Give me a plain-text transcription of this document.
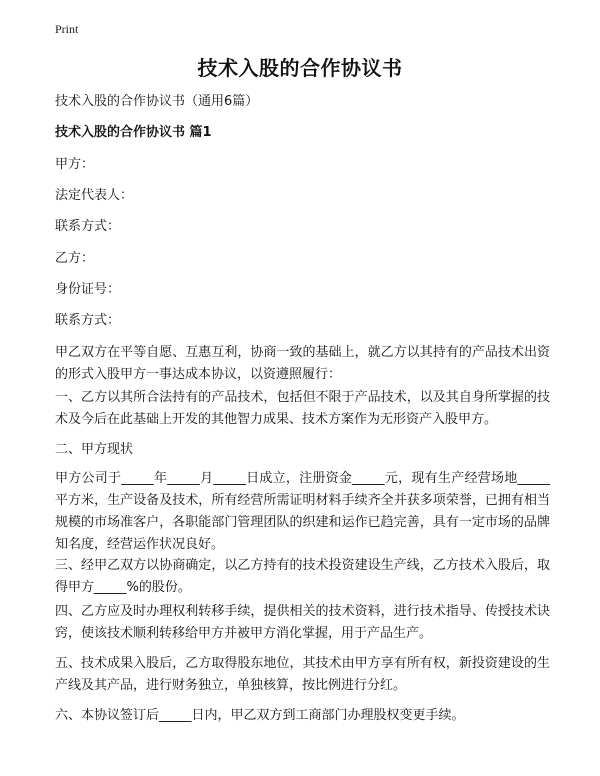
Print
技术入股的合作协议书
技术入股的合作协议书（通用6篇）
技术入股的合作协议书 篇1
甲方：
法定代表人：
联系方式：
乙方：
身份证号：
联系方式：
甲乙双方在平等自愿、互惠互利，协商一致的基础上，就乙方以其持有的产品技术出资的形式入股甲方一事达成本协议，以资遵照履行：
一、乙方以其所合法持有的产品技术，包括但不限于产品技术，以及其自身所掌握的技术及今后在此基础上开发的其他智力成果、技术方案作为无形资产入股甲方。
二、甲方现状
甲方公司于_____年_____月_____日成立，注册资金_____元，现有生产经营场地_____平方米，生产设备及技术，所有经营所需证明材料手续齐全并获多项荣誉，已拥有相当规模的市场准客户，各职能部门管理团队的织建和运作已趋完善，具有一定市场的品牌知名度，经营运作状况良好。
三、经甲乙双方以协商确定，以乙方持有的技术投资建设生产线，乙方技术入股后，取得甲方_____%的股份。
四、乙方应及时办理权利转移手续，提供相关的技术资料，进行技术指导、传授技术诀窍，使该技术顺利转移给甲方并被甲方消化掌握，用于产品生产。
五、技术成果入股后，乙方取得股东地位，其技术由甲方享有所有权，新投资建设的生产线及其产品，进行财务独立，单独核算，按比例进行分红。
六、本协议签订后_____日内，甲乙双方到工商部门办理股权变更手续。
